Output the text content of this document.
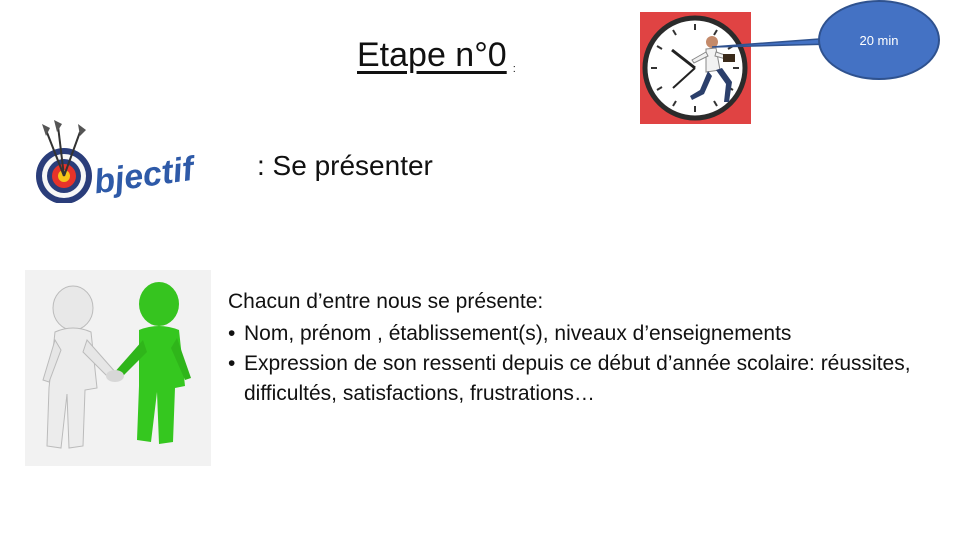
Etape n°0 :
20 min
bjectif : Se présenter
Chacun d’entre nous se présente:
• Nom, prénom , établissement(s), niveaux d’enseignements
• Expression de son ressenti depuis ce début d’année scolaire: réussites, difficultés, satisfactions, frustrations…
